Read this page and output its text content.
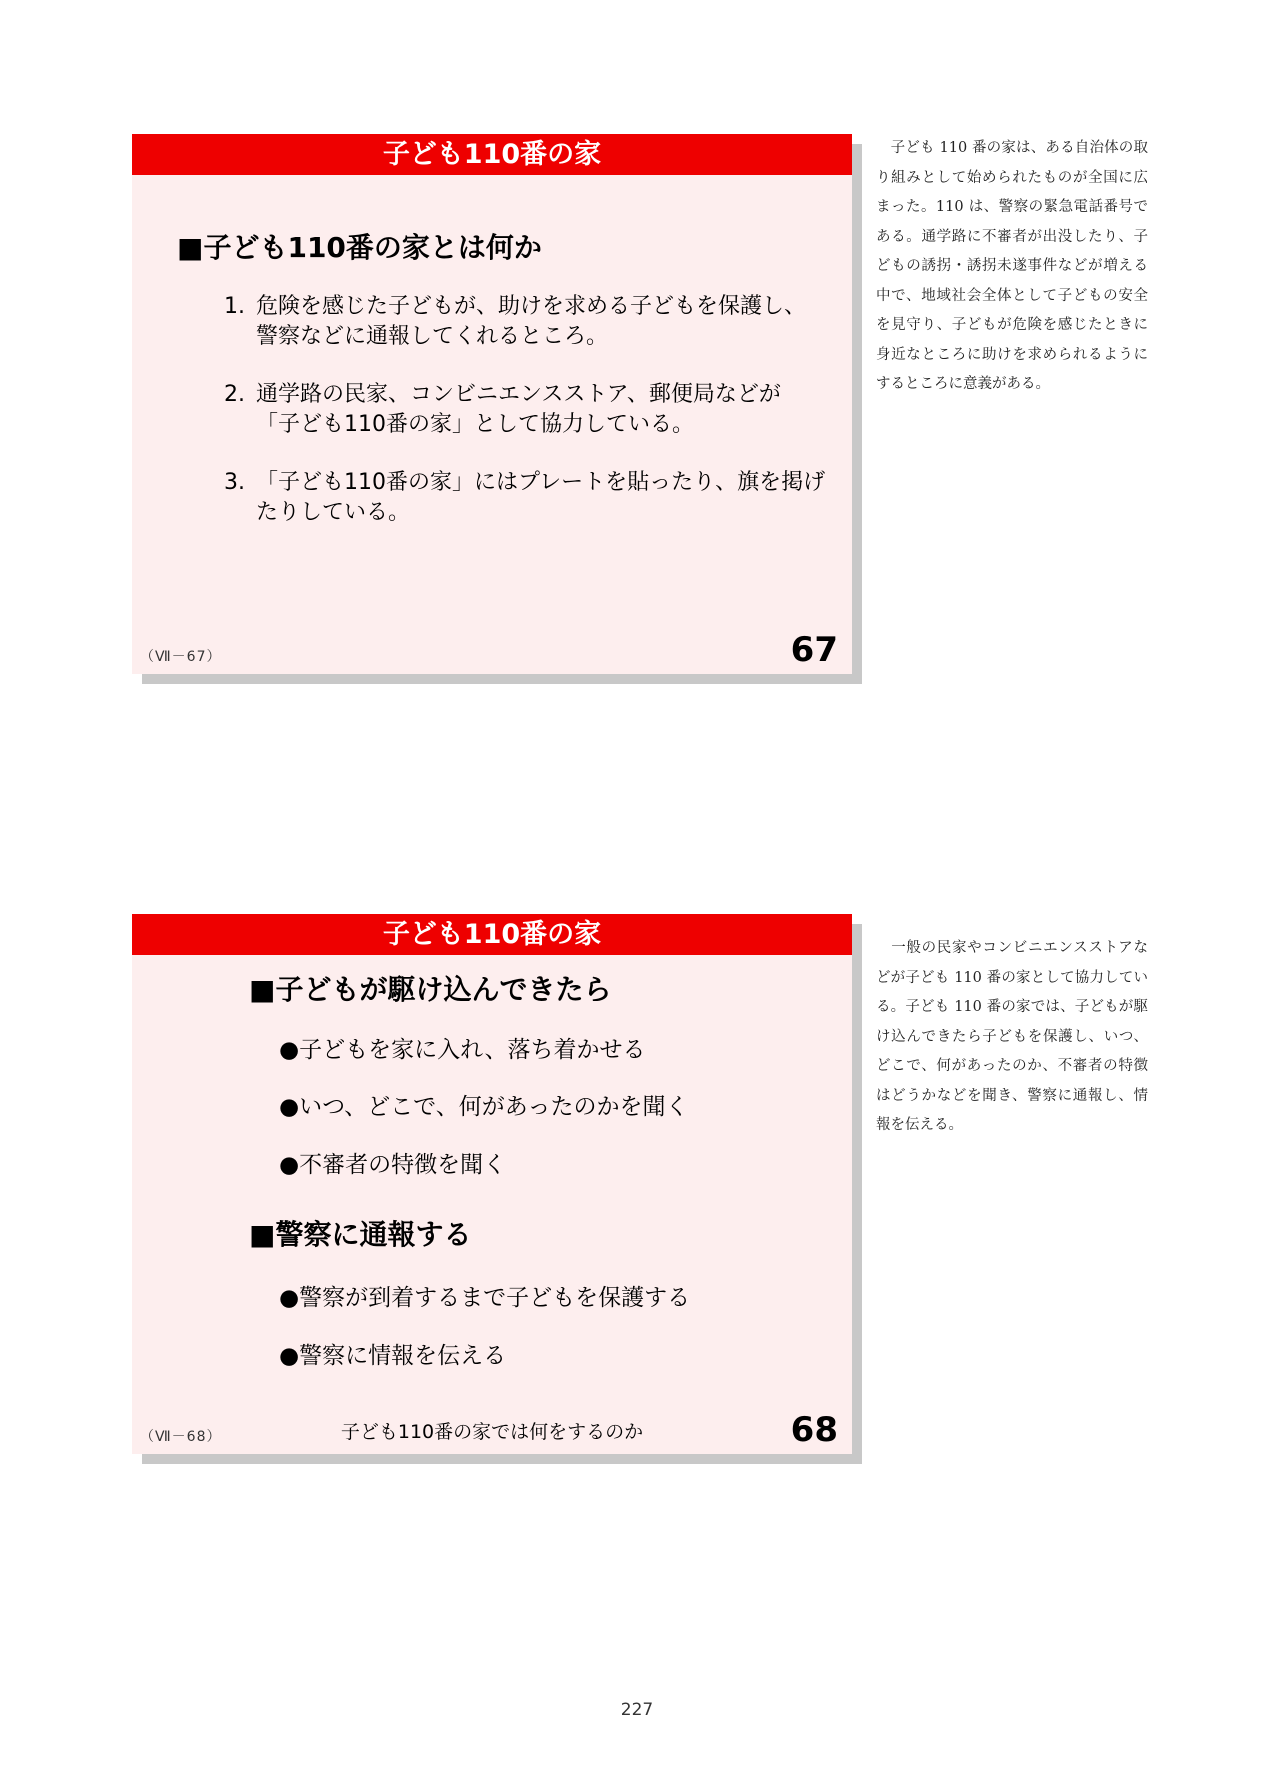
子ども110番の家
■子ども110番の家とは何か
1. 危険を感じた子どもが、助けを求める子どもを保護し、
警察などに通報してくれるところ。
2. 通学路の民家、コンビニエンスストア、郵便局などが
「子ども110番の家」として協力している。
3. 「子ども110番の家」にはプレートを貼ったり、旗を掲げ
たりしている。
（Ⅶ－67）	67
　子ども 110 番の家は、ある自治体の取り組みとして始められたものが全国に広まった。110 は、警察の緊急電話番号である。通学路に不審者が出没したり、子どもの誘拐・誘拐未遂事件などが増える中で、地域社会全体として子どもの安全を見守り、子どもが危険を感じたときに身近なところに助けを求められるようにするところに意義がある。
子ども110番の家
■子どもが駆け込んできたら
●子どもを家に入れ、落ち着かせる
●いつ、どこで、何があったのかを聞く
●不審者の特徴を聞く
■警察に通報する
●警察が到着するまで子どもを保護する
●警察に情報を伝える
（Ⅶ－68）	子ども110番の家では何をするのか	68
　一般の民家やコンビニエンスストアなどが子ども 110 番の家として協力している。子ども 110 番の家では、子どもが駆け込んできたら子どもを保護し、いつ、どこで、何があったのか、不審者の特徴はどうかなどを聞き、警察に通報し、情報を伝える。
227
